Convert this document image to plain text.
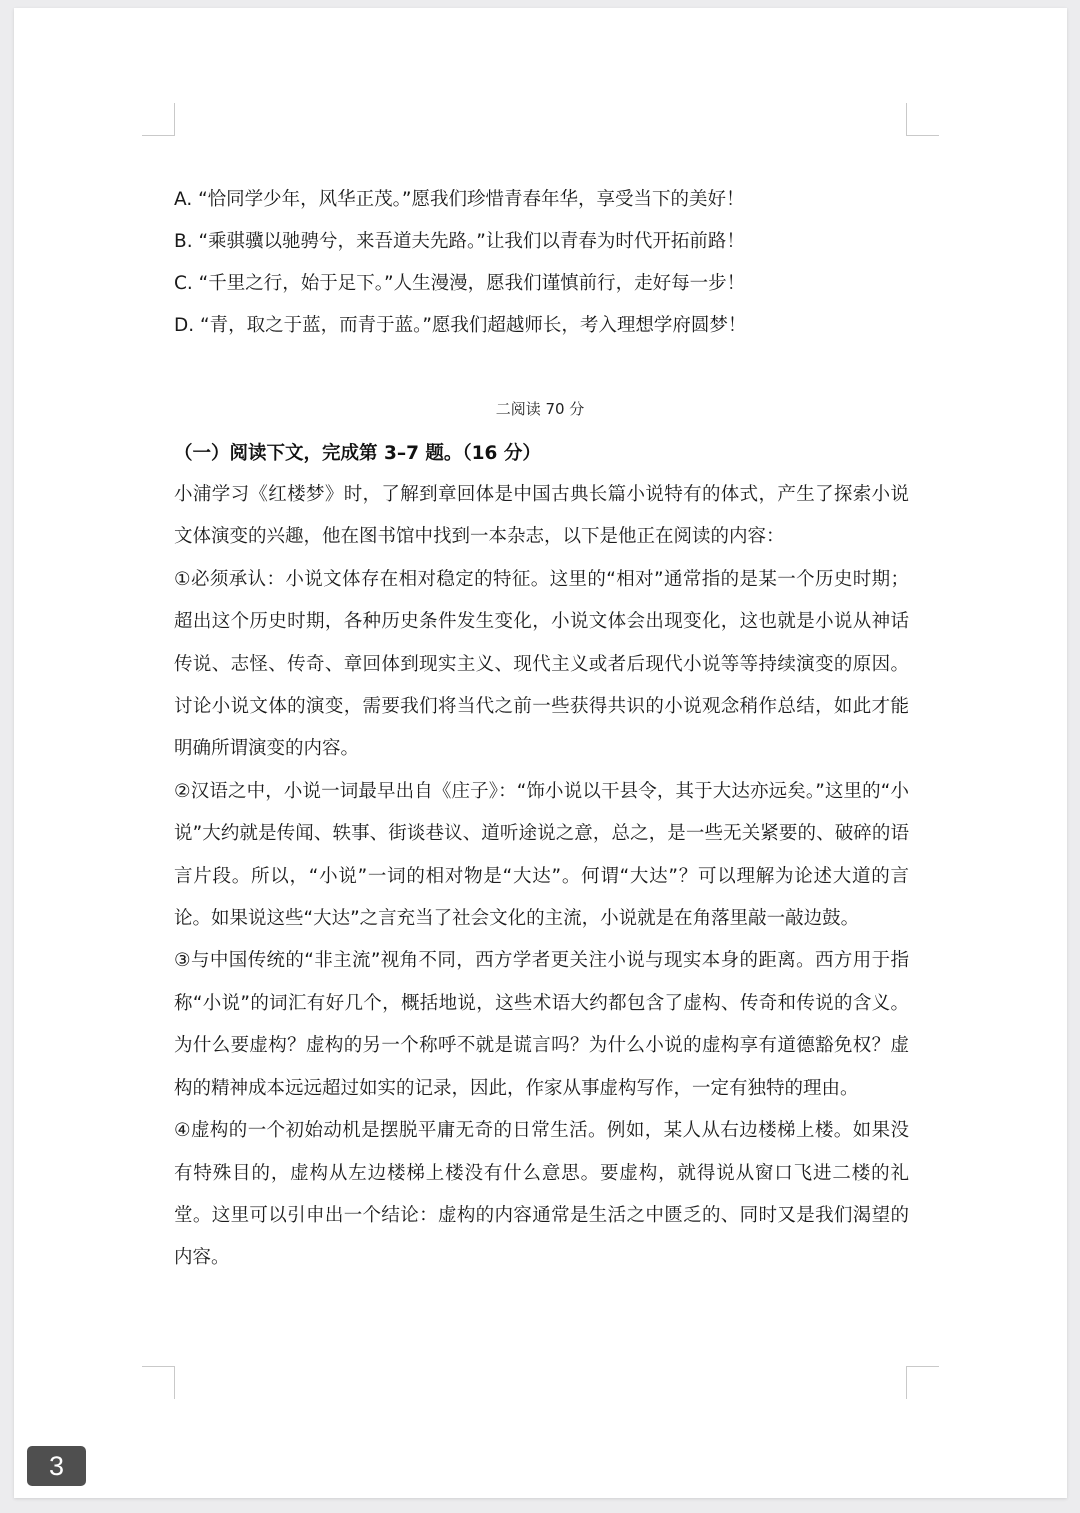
A. “恰同学少年，风华正茂。”愿我们珍惜青春年华，享受当下的美好！
B. “乘骐骥以驰骋兮，来吾道夫先路。”让我们以青春为时代开拓前路！
C. “千里之行，始于足下。”人生漫漫，愿我们谨慎前行，走好每一步！
D. “青，取之于蓝，而青于蓝。”愿我们超越师长，考入理想学府圆梦！
二阅读 70 分
（一）阅读下文，完成第 3–7 题。（16 分）

小浦学习《红楼梦》时，了解到章回体是中国古典长篇小说特有的体式，产生了探索小说文体演变的兴趣，他在图书馆中找到一本杂志，以下是他正在阅读的内容：

①必须承认：小说文体存在相对稳定的特征。这里的“相对”通常指的是某一个历史时期；超出这个历史时期，各种历史条件发生变化，小说文体会出现变化，这也就是小说从神话传说、志怪、传奇、章回体到现实主义、现代主义或者后现代小说等等持续演变的原因。讨论小说文体的演变，需要我们将当代之前一些获得共识的小说观念稍作总结，如此才能明确所谓演变的内容。

②汉语之中，小说一词最早出自《庄子》：“饰小说以干县令，其于大达亦远矣。”这里的“小说”大约就是传闻、轶事、街谈巷议、道听途说之意，总之，是一些无关紧要的、破碎的语言片段。所以，“小说”一词的相对物是“大达”。何谓“大达”？可以理解为论述大道的言论。如果说这些“大达”之言充当了社会文化的主流，小说就是在角落里敲一敲边鼓。

③与中国传统的“非主流”视角不同，西方学者更关注小说与现实本身的距离。西方用于指称“小说”的词汇有好几个，概括地说，这些术语大约都包含了虚构、传奇和传说的含义。为什么要虚构？虚构的另一个称呼不就是谎言吗？为什么小说的虚构享有道德豁免权？虚构的精神成本远远超过如实的记录，因此，作家从事虚构写作，一定有独特的理由。

④虚构的一个初始动机是摆脱平庸无奇的日常生活。例如，某人从右边楼梯上楼。如果没有特殊目的，虚构从左边楼梯上楼没有什么意思。要虚构，就得说从窗口飞进二楼的礼堂。这里可以引申出一个结论：虚构的内容通常是生活之中匮乏的、同时又是我们渴望的内容。

3
